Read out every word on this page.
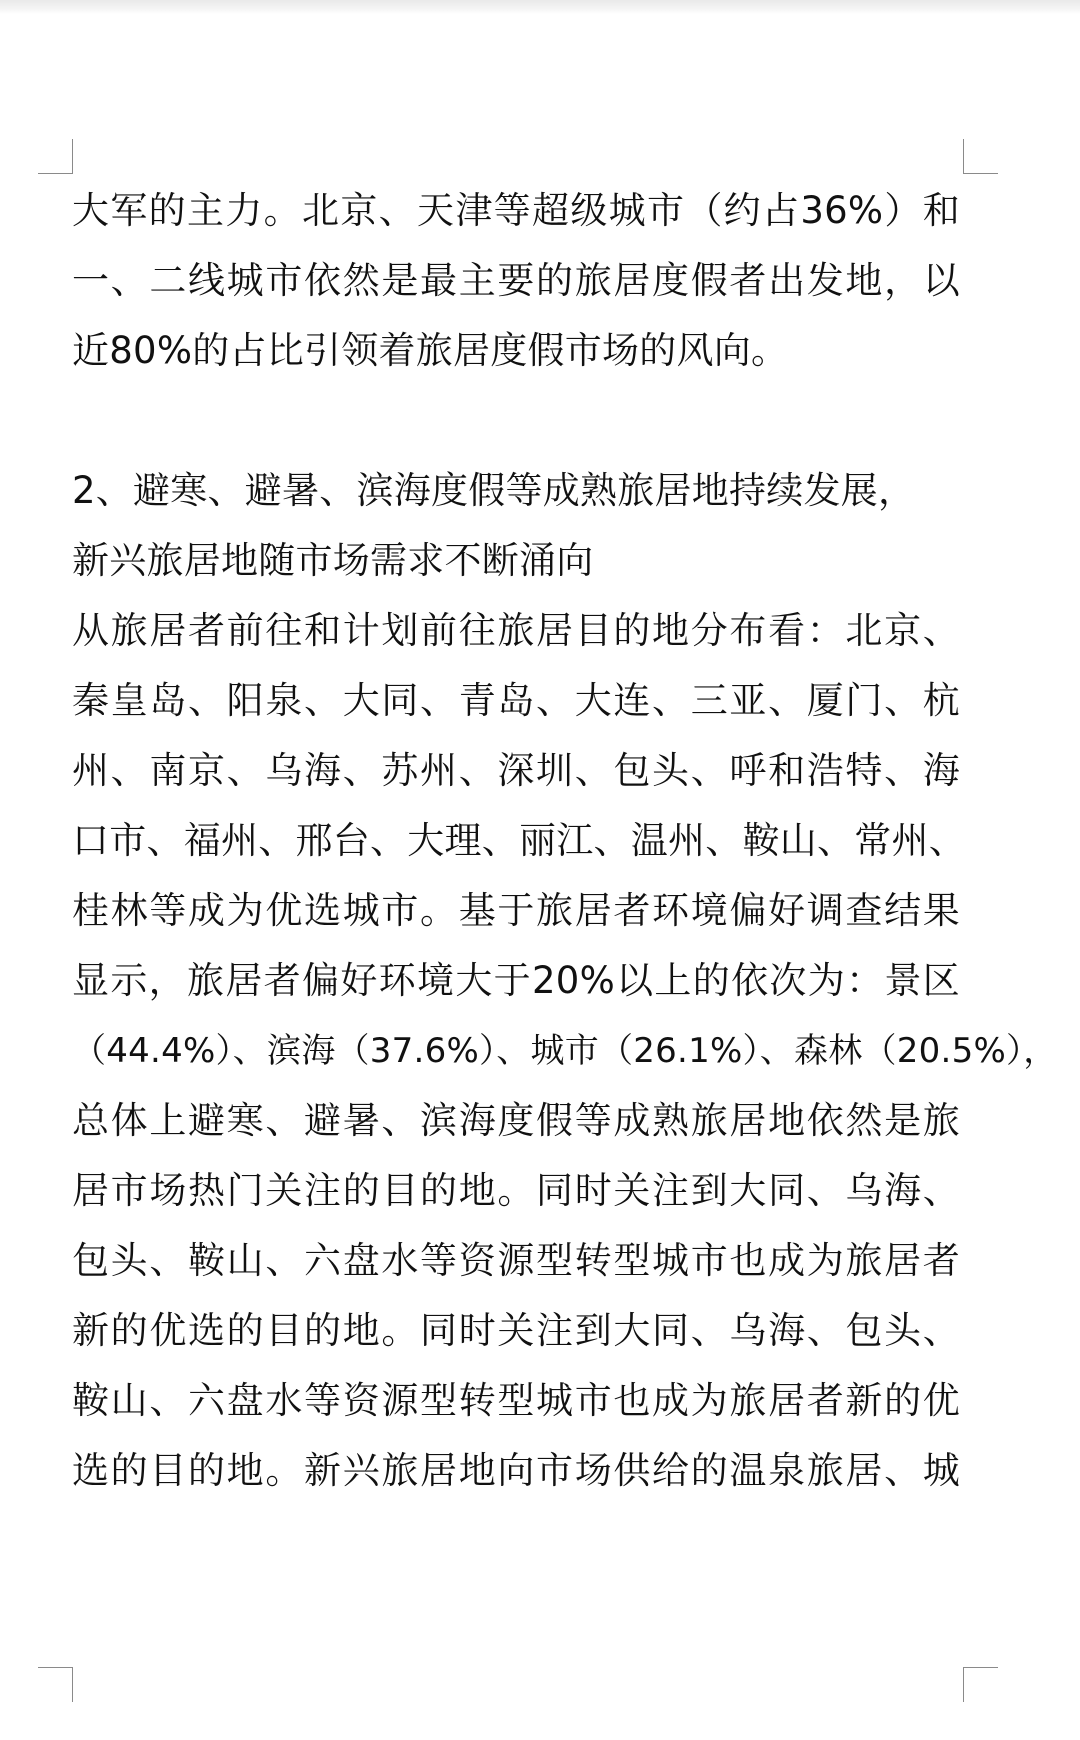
大军的主力。北京、天津等超级城市（约占36%）和
一、二线城市依然是最主要的旅居度假者出发地，以
近80%的占比引领着旅居度假市场的风向。
2、避寒、避暑、滨海度假等成熟旅居地持续发展，
新兴旅居地随市场需求不断涌向
从旅居者前往和计划前往旅居目的地分布看：北京、
秦皇岛、阳泉、大同、青岛、大连、三亚、厦门、杭
州、南京、乌海、苏州、深圳、包头、呼和浩特、海
口市、福州、邢台、大理、丽江、温州、鞍山、常州、
桂林等成为优选城市。基于旅居者环境偏好调查结果
显示，旅居者偏好环境大于20%以上的依次为：景区
（44.4%）、滨海（37.6%）、城市（26.1%）、森林（20.5%），
总体上避寒、避暑、滨海度假等成熟旅居地依然是旅
居市场热门关注的目的地。同时关注到大同、乌海、
包头、鞍山、六盘水等资源型转型城市也成为旅居者
新的优选的目的地。同时关注到大同、乌海、包头、
鞍山、六盘水等资源型转型城市也成为旅居者新的优
选的目的地。新兴旅居地向市场供给的温泉旅居、城
